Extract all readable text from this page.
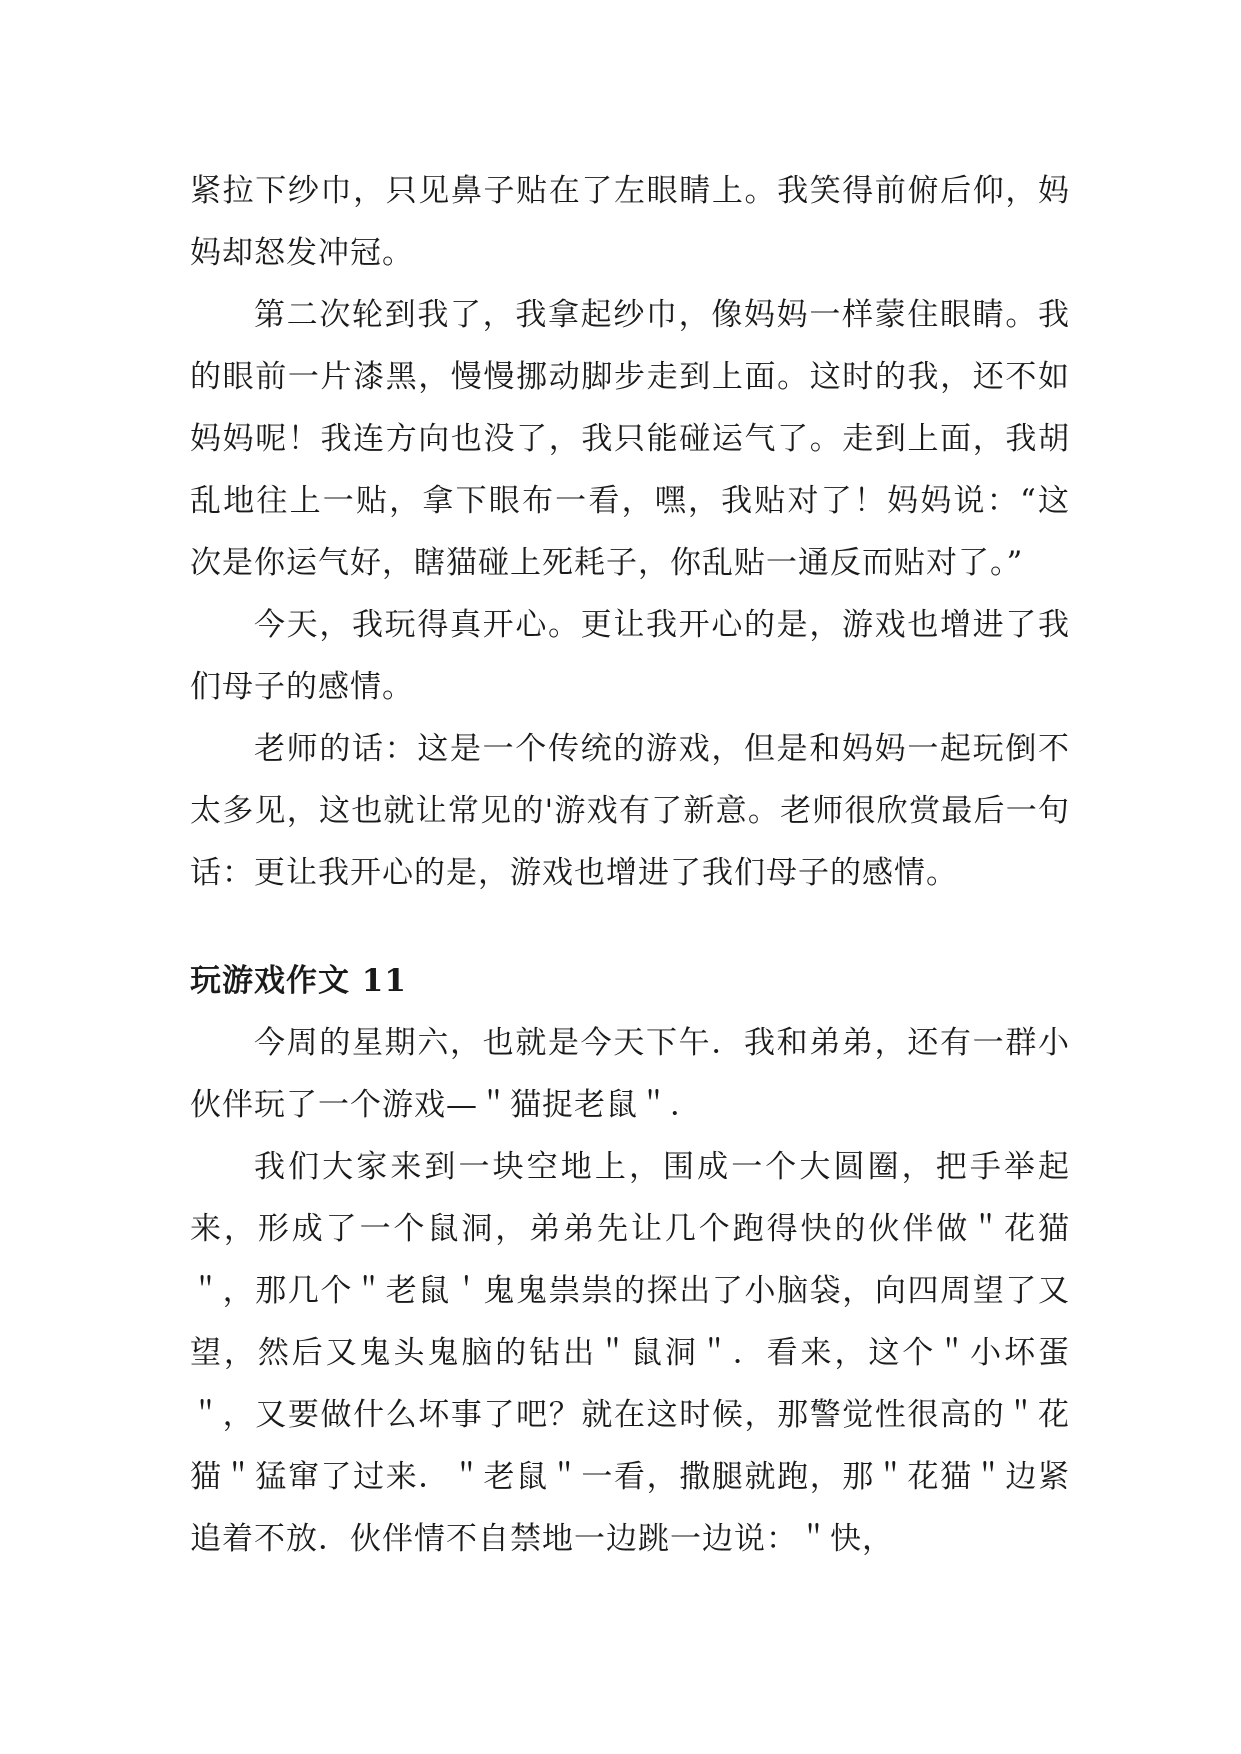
紧拉下纱巾，只见鼻子贴在了左眼睛上。我笑得前俯后仰，妈妈却怒发冲冠。

第二次轮到我了，我拿起纱巾，像妈妈一样蒙住眼睛。我的眼前一片漆黑，慢慢挪动脚步走到上面。这时的我，还不如妈妈呢！我连方向也没了，我只能碰运气了。走到上面，我胡乱地往上一贴，拿下眼布一看，嘿，我贴对了！妈妈说：“这次是你运气好，瞎猫碰上死耗子，你乱贴一通反而贴对了。”

今天，我玩得真开心。更让我开心的是，游戏也增进了我们母子的感情。

老师的话：这是一个传统的游戏，但是和妈妈一起玩倒不太多见，这也就让常见的'游戏有了新意。老师很欣赏最后一句话：更让我开心的是，游戏也增进了我们母子的感情。

玩游戏作文 11

今周的星期六，也就是今天下午．我和弟弟，还有一群小伙伴玩了一个游戏—＂猫捉老鼠＂．

我们大家来到一块空地上，围成一个大圆圈，把手举起来，形成了一个鼠洞，弟弟先让几个跑得快的伙伴做＂花猫＂，那几个＂老鼠＇鬼鬼祟祟的探出了小脑袋，向四周望了又望，然后又鬼头鬼脑的钻出＂鼠洞＂．看来，这个＂小坏蛋＂，又要做什么坏事了吧？就在这时候，那警觉性很高的＂花猫＂猛窜了过来．＂老鼠＂一看，撒腿就跑，那＂花猫＂边紧追着不放．伙伴情不自禁地一边跳一边说：＂快，
